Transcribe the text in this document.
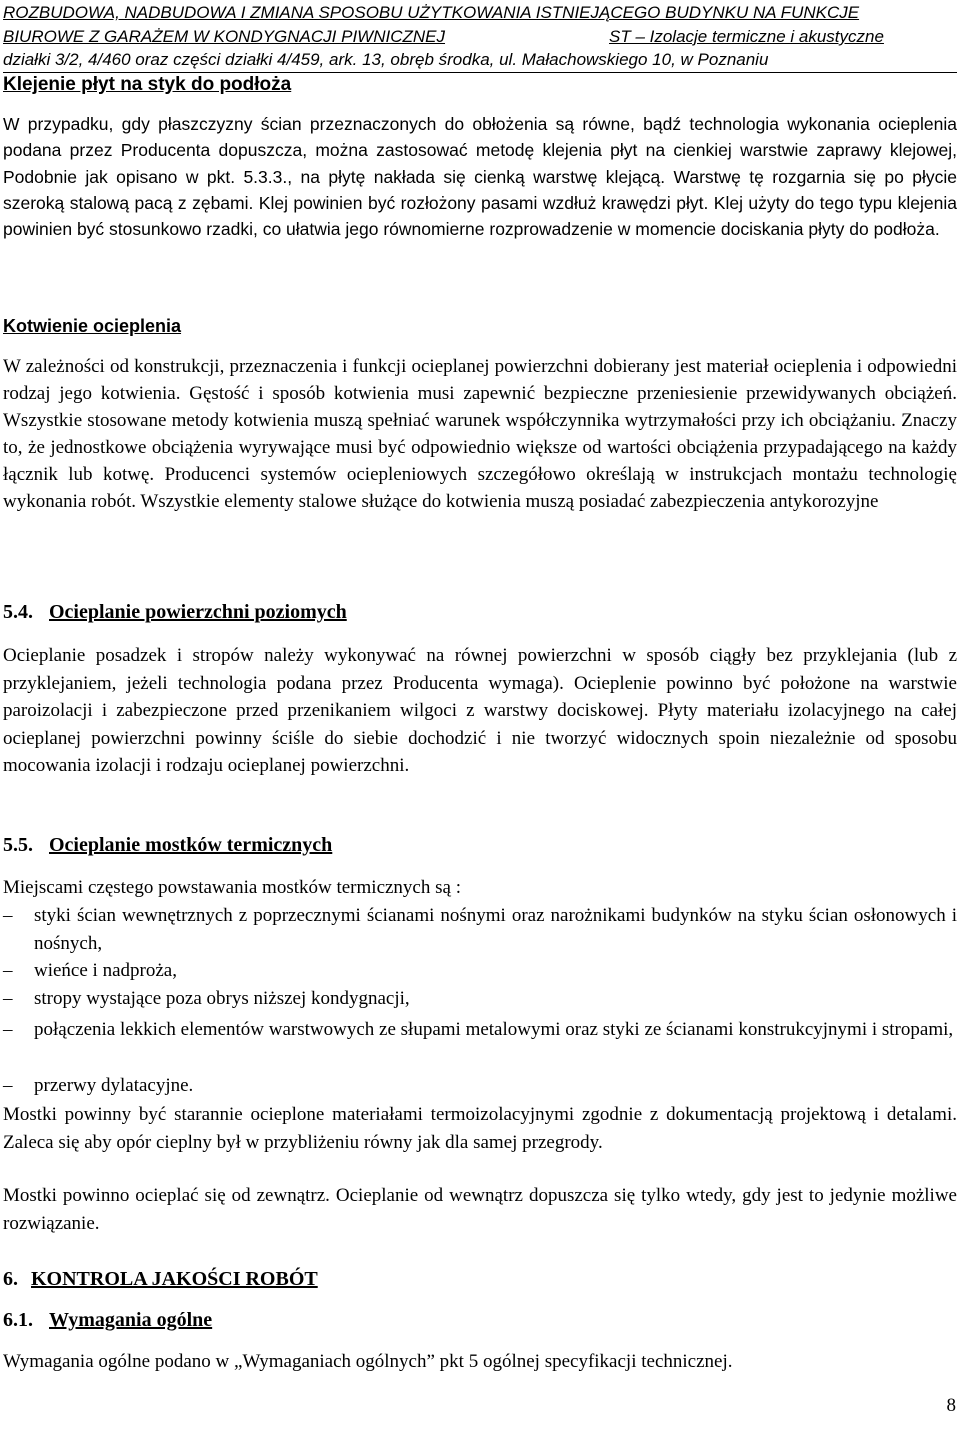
ROZBUDOWA, NADBUDOWA I ZMIANA SPOSOBU UŻYTKOWANIA ISTNIEJĄCEGO BUDYNKU NA FUNKCJE
BIUROWE Z GARAŻEM W KONDYGNACJI PIWNICZNEJ	ST – Izolacje termiczne i akustyczne
działki 3/2, 4/460 oraz części działki 4/459, ark. 13, obręb środka, ul. Małachowskiego 10, w Poznaniu
Klejenie płyt na styk do podłoża
W przypadku, gdy płaszczyzny ścian przeznaczonych do obłożenia są równe, bądź technologia wykonania ocieplenia podana przez Producenta dopuszcza, można zastosować metodę klejenia płyt na cienkiej warstwie zaprawy klejowej, Podobnie jak opisano w pkt. 5.3.3., na płytę nakłada się cienką warstwę klejącą. Warstwę tę rozgarnia się po płycie szeroką stalową pacą z zębami. Klej powinien być rozłożony pasami wzdłuż krawędzi płyt. Klej użyty do tego typu klejenia powinien być stosunkowo rzadki, co ułatwia jego równomierne rozprowadzenie w momencie dociskania płyty do podłoża.
Kotwienie ocieplenia
W zależności od konstrukcji, przeznaczenia i funkcji ocieplanej powierzchni dobierany jest materiał ocieplenia i odpowiedni rodzaj jego kotwienia. Gęstość i sposób kotwienia musi zapewnić bezpieczne przeniesienie przewidywanych obciążeń. Wszystkie stosowane metody kotwienia muszą spełniać warunek współczynnika wytrzymałości przy ich obciążaniu. Znaczy to, że jednostkowe obciążenia wyrywające musi być odpowiednio większe od wartości obciążenia przypadającego na każdy łącznik lub kotwę. Producenci systemów ociepleniowych szczegółowo określają w instrukcjach montażu technologię wykonania robót. Wszystkie elementy stalowe służące do kotwienia muszą posiadać zabezpieczenia antykorozyjne
5.4. Ocieplanie powierzchni poziomych
Ocieplanie posadzek i stropów należy wykonywać na równej powierzchni w sposób ciągły bez przyklejania (lub z przyklejaniem, jeżeli technologia podana przez Producenta wymaga). Ocieplenie powinno być położone na warstwie paroizolacji i zabezpieczone przed przenikaniem wilgoci z warstwy dociskowej. Płyty materiału izolacyjnego na całej ocieplanej powierzchni powinny ściśle do siebie dochodzić i nie tworzyć widocznych spoin niezależnie od sposobu mocowania izolacji i rodzaju ocieplanej powierzchni.
5.5. Ocieplanie mostków termicznych
Miejscami częstego powstawania mostków termicznych są :
– styki ścian wewnętrznych z poprzecznymi ścianami nośnymi oraz narożnikami budynków na styku ścian osłonowych i nośnych,
– wieńce i nadproża,
– stropy wystające poza obrys niższej kondygnacji,
– połączenia lekkich elementów warstwowych ze słupami metalowymi oraz styki ze ścianami konstrukcyjnymi i stropami,
– przerwy dylatacyjne.
Mostki powinny być starannie ocieplone materiałami termoizolacyjnymi zgodnie z dokumentacją projektową i detalami. Zaleca się aby opór cieplny był w przybliżeniu równy jak dla samej przegrody.
Mostki powinno ocieplać się od zewnątrz. Ocieplanie od wewnątrz dopuszcza się tylko wtedy, gdy jest to jedynie możliwe rozwiązanie.
6. KONTROLA JAKOŚCI ROBÓT
6.1. Wymagania ogólne
Wymagania ogólne podano w „Wymaganiach ogólnych” pkt 5 ogólnej specyfikacji technicznej.
8
